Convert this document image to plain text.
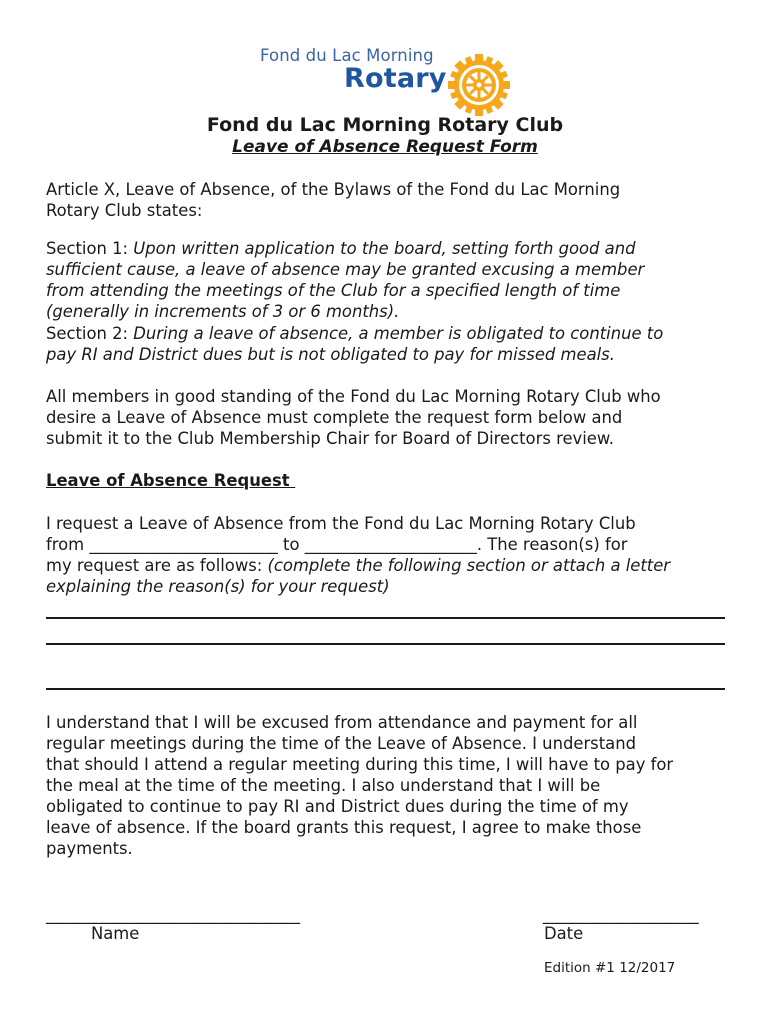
Fond du Lac Morning
Rotary
Fond du Lac Morning Rotary Club
Leave of Absence Request Form
Article X, Leave of Absence, of the Bylaws of the Fond du Lac Morning
Rotary Club states:
Section 1: Upon written application to the board, setting forth good and
sufficient cause, a leave of absence may be granted excusing a member
from attending the meetings of the Club for a specified length of time
(generally in increments of 3 or 6 months).
Section 2: During a leave of absence, a member is obligated to continue to
pay RI and District dues but is not obligated to pay for missed meals.
All members in good standing of the Fond du Lac Morning Rotary Club who
desire a Leave of Absence must complete the request form below and
submit it to the Club Membership Chair for Board of Directors review.
Leave of Absence Request
I request a Leave of Absence from the Fond du Lac Morning Rotary Club
from _______________________ to _____________________. The reason(s) for
my request are as follows: (complete the following section or attach a letter
explaining the reason(s) for your request)
I understand that I will be excused from attendance and payment for all
regular meetings during the time of the Leave of Absence. I understand
that should I attend a regular meeting during this time, I will have to pay for
the meal at the time of the meeting. I also understand that I will be
obligated to continue to pay RI and District dues during the time of my
leave of absence. If the board grants this request, I agree to make those
payments.
_______________________________
Name
___________________
Date
Edition #1 12/2017
